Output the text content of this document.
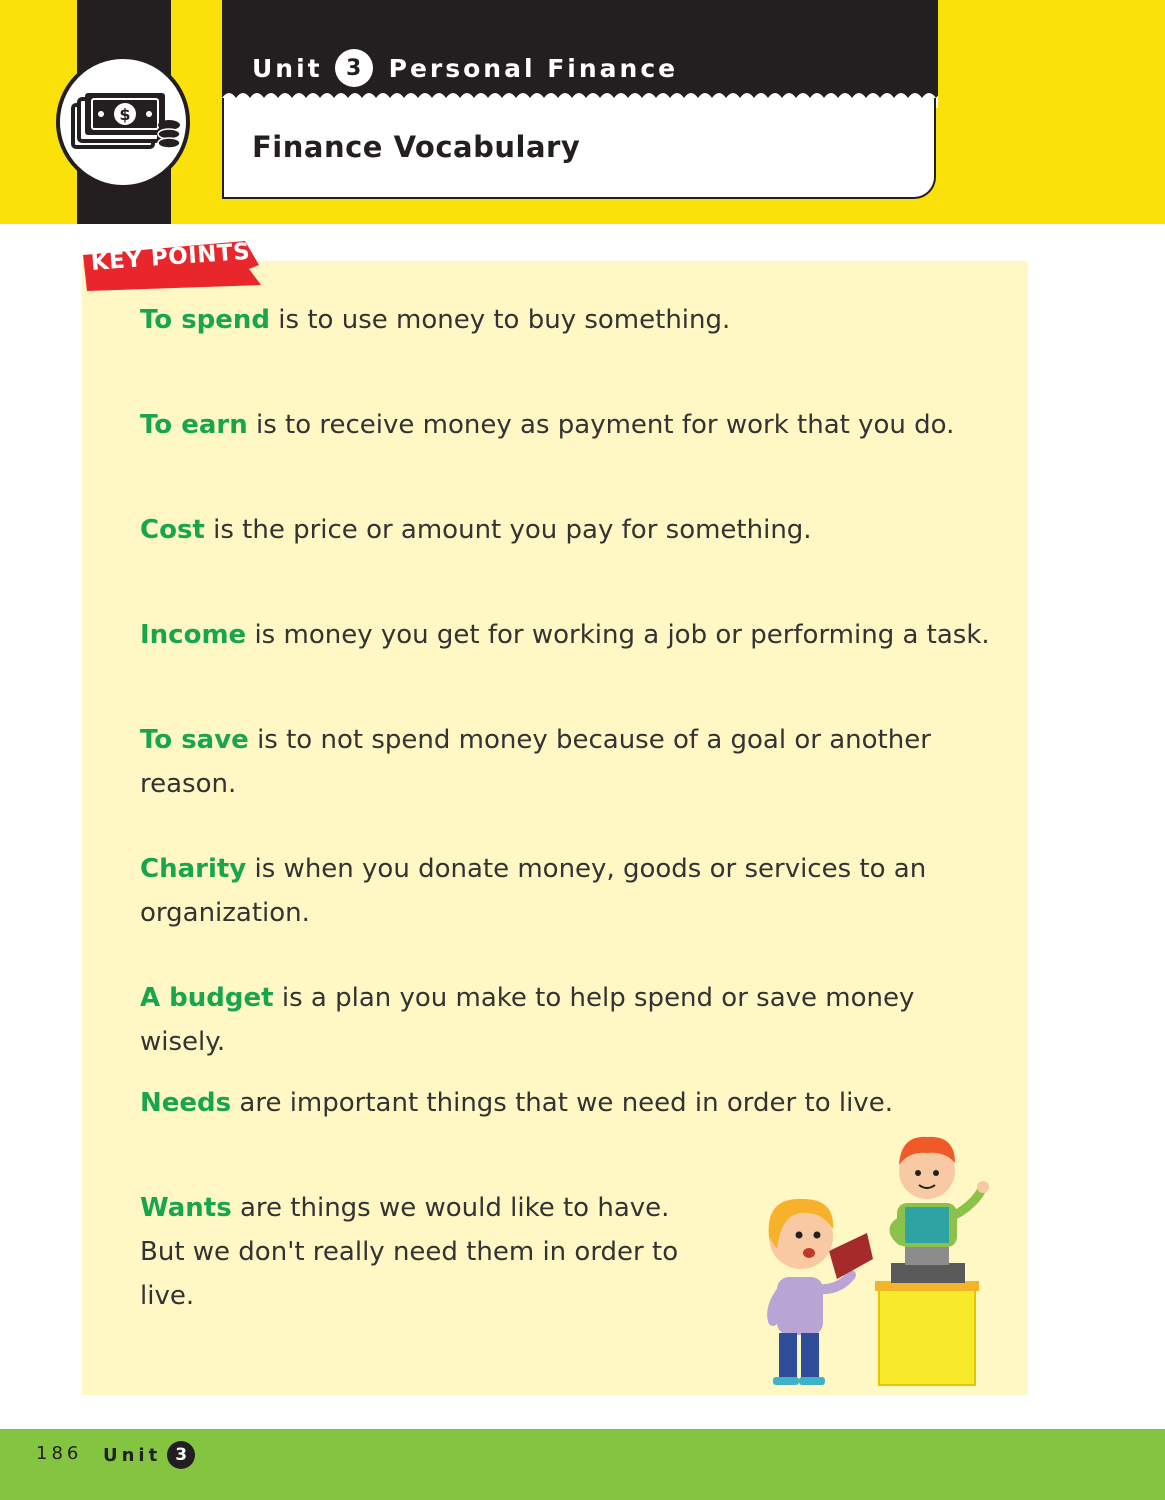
$
Unit	3	Personal Finance
Finance Vocabulary
KEY POINTS
To spend is to use money to buy something.
To earn is to receive money as payment for work that you do.
Cost is the price or amount you pay for something.
Income is money you get for working a job or performing a task.
To save is to not spend money because of a goal or another
reason.
Charity is when you donate money, goods or services to an
organization.
A budget is a plan you make to help spend or save money wisely.
Needs are important things that we need in order to live.
Wants are things we would like to have.
But we don't really need them in order to live.
186 Unit 3
